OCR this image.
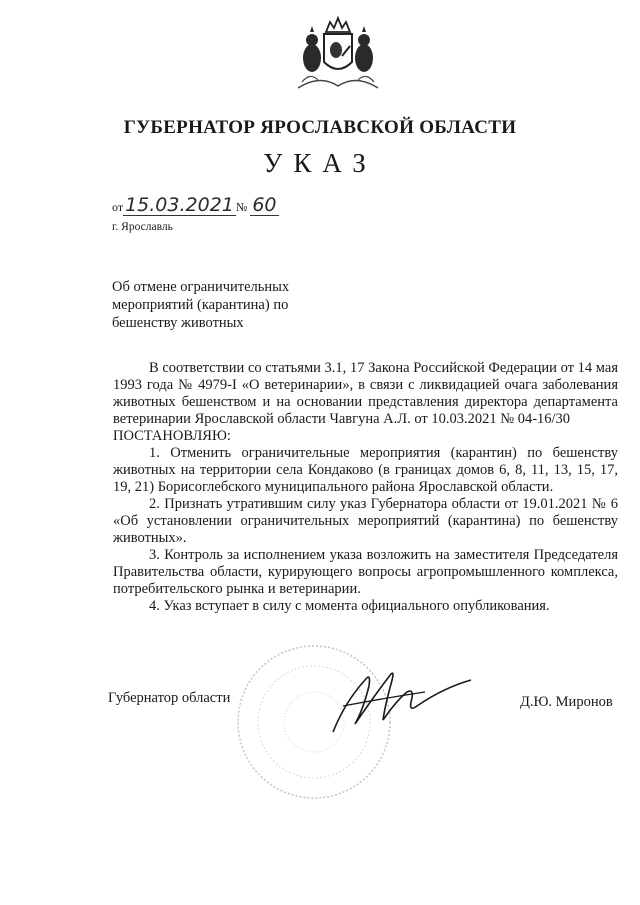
ГУБЕРНАТОР ЯРОСЛАВСКОЙ ОБЛАСТИ
УКАЗ
от 15.03.2021 № 60
г. Ярославль
Об отмене ограничительных мероприятий (карантина) по бешенству животных

В соответствии со статьями 3.1, 17 Закона Российской Федерации от 14 мая 1993 года № 4979-I «О ветеринарии», в связи с ликвидацией очага заболевания животных бешенством и на основании представления директора департамента ветеринарии Ярославской области Чавгуна А.Л. от 10.03.2021 № 04-16/30

ПОСТАНОВЛЯЮ:

1. Отменить ограничительные мероприятия (карантин) по бешенству животных на территории села Кондаково (в границах домов 6, 8, 11, 13, 15, 17, 19, 21) Борисоглебского муниципального района Ярославской области.

2. Признать утратившим силу указ Губернатора области от 19.01.2021 № 6 «Об установлении ограничительных мероприятий (карантина) по бешенству животных».

3. Контроль за исполнением указа возложить на заместителя Председателя Правительства области, курирующего вопросы агропромышленного комплекса, потребительского рынка и ветеринарии.

4. Указ вступает в силу с момента официального опубликования.

Губернатор области	Д.Ю. Миронов
